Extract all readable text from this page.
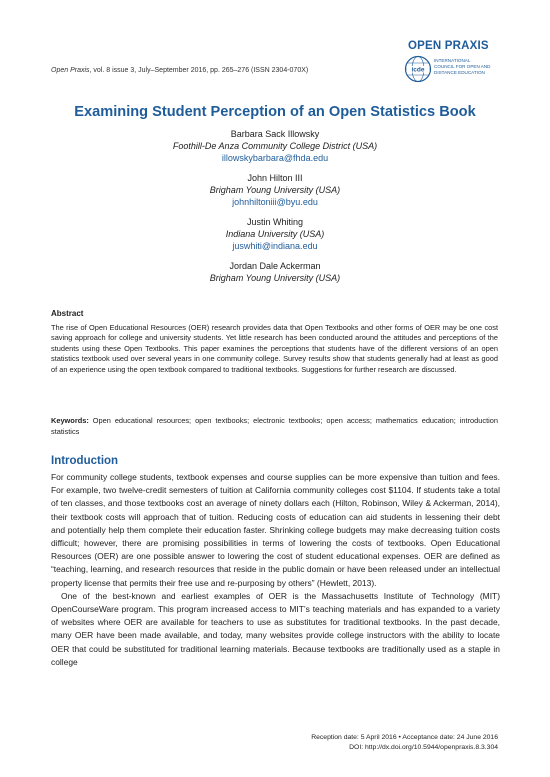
Open Praxis, vol. 8 issue 3, July–September 2016, pp. 265–276 (ISSN 2304-070X)
OPEN PRAXIS
icde
INTERNATIONAL
COUNCIL FOR OPEN AND
DISTANCE EDUCATION
Examining Student Perception of an Open Statistics Book
Barbara Sack Illowsky
Foothill-De Anza Community College District (USA)
illowskybarbara@fhda.edu
John Hilton III
Brigham Young University (USA)
johnhiltoniii@byu.edu
Justin Whiting
Indiana University (USA)
juswhiti@indiana.edu
Jordan Dale Ackerman
Brigham Young University (USA)
Abstract

The rise of Open Educational Resources (OER) research provides data that Open Textbooks and other forms of OER may be one cost saving approach for college and university students. Yet little research has been conducted around the attitudes and perceptions of the students using these Open Textbooks. This paper examines the perceptions that students have of the different versions of an open statistics textbook used over several years in one community college. Survey results show that students generally had at least as good of an experience using the open textbook compared to traditional textbooks. Suggestions for further research are discussed.

Keywords: Open educational resources; open textbooks; electronic textbooks; open access; mathematics education; introduction statistics

Introduction

For community college students, textbook expenses and course supplies can be more expensive than tuition and fees. For example, two twelve-credit semesters of tuition at California community colleges cost $1104. If students take a total of ten classes, and those textbooks cost an average of ninety dollars each (Hilton, Robinson, Wiley & Ackerman, 2014), their textbook costs will approach that of tuition. Reducing costs of education can aid students in lessening their debt and potentially help them complete their education faster. Shrinking college budgets may make decreasing tuition costs difficult; however, there are promising possibilities in terms of lowering the costs of textbooks. Open Educational Resources (OER) are one possible answer to lowering the cost of student educational expenses. OER are defined as “teaching, learning, and research resources that reside in the public domain or have been released under an intellectual property license that permits their free use and re-purposing by others” (Hewlett, 2013).

One of the best-known and earliest examples of OER is the Massachusetts Institute of Technology (MIT) OpenCourseWare program. This program increased access to MIT’s teaching materials and has expanded to a variety of websites where OER are available for teachers to use as substitutes for traditional textbooks. In the past decade, many OER have been made available, and today, many websites provide college instructors with the ability to locate OER that could be substituted for traditional learning materials. Because textbooks are traditionally used as a staple in college

Reception date: 5 April 2016 • Acceptance date: 24 June 2016
DOI: http://dx.doi.org/10.5944/openpraxis.8.3.304
